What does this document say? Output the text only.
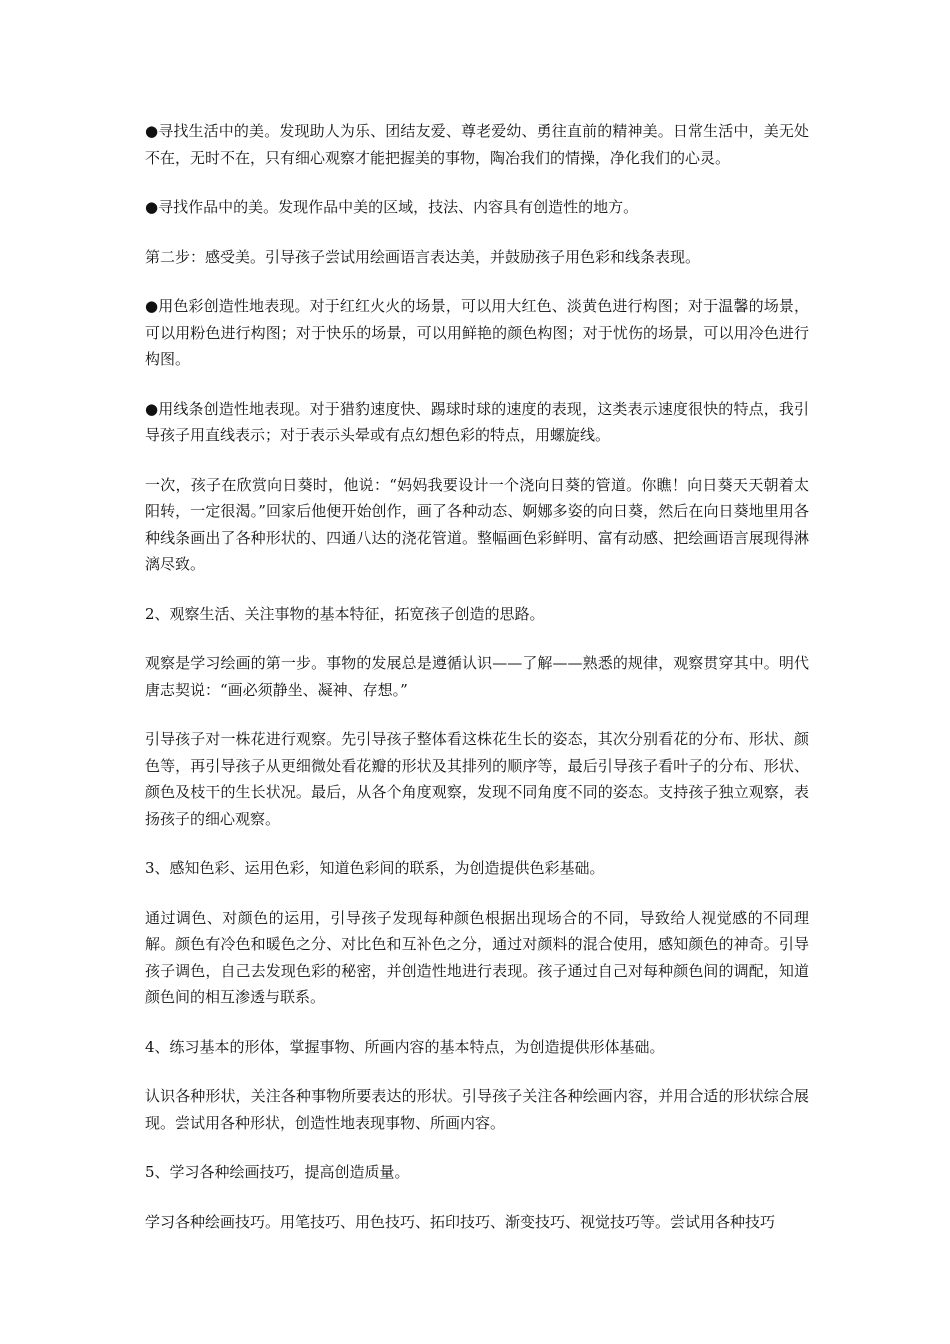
●寻找生活中的美。发现助人为乐、团结友爱、尊老爱幼、勇往直前的精神美。日常生活中，美无处不在，无时不在，只有细心观察才能把握美的事物，陶冶我们的情操，净化我们的心灵。

●寻找作品中的美。发现作品中美的区域，技法、内容具有创造性的地方。

第二步：感受美。引导孩子尝试用绘画语言表达美，并鼓励孩子用色彩和线条表现。

●用色彩创造性地表现。对于红红火火的场景，可以用大红色、淡黄色进行构图；对于温馨的场景，可以用粉色进行构图；对于快乐的场景，可以用鲜艳的颜色构图；对于忧伤的场景，可以用冷色进行构图。

●用线条创造性地表现。对于猎豹速度快、踢球时球的速度的表现，这类表示速度很快的特点，我引导孩子用直线表示；对于表示头晕或有点幻想色彩的特点，用螺旋线。

一次，孩子在欣赏向日葵时，他说：“妈妈我要设计一个浇向日葵的管道。你瞧！向日葵天天朝着太阳转，一定很渴。”回家后他便开始创作，画了各种动态、婀娜多姿的向日葵，然后在向日葵地里用各种线条画出了各种形状的、四通八达的浇花管道。整幅画色彩鲜明、富有动感、把绘画语言展现得淋漓尽致。

2、观察生活、关注事物的基本特征，拓宽孩子创造的思路。

观察是学习绘画的第一步。事物的发展总是遵循认识——了解——熟悉的规律，观察贯穿其中。明代唐志契说：“画必须静坐、凝神、存想。”

引导孩子对一株花进行观察。先引导孩子整体看这株花生长的姿态，其次分别看花的分布、形状、颜色等，再引导孩子从更细微处看花瓣的形状及其排列的顺序等，最后引导孩子看叶子的分布、形状、颜色及枝干的生长状况。最后，从各个角度观察，发现不同角度不同的姿态。支持孩子独立观察，表扬孩子的细心观察。

3、感知色彩、运用色彩，知道色彩间的联系，为创造提供色彩基础。

通过调色、对颜色的运用，引导孩子发现每种颜色根据出现场合的不同，导致给人视觉感的不同理解。颜色有冷色和暖色之分、对比色和互补色之分，通过对颜料的混合使用，感知颜色的神奇。引导孩子调色，自己去发现色彩的秘密，并创造性地进行表现。孩子通过自己对每种颜色间的调配，知道颜色间的相互渗透与联系。

4、练习基本的形体，掌握事物、所画内容的基本特点，为创造提供形体基础。

认识各种形状，关注各种事物所要表达的形状。引导孩子关注各种绘画内容，并用合适的形状综合展现。尝试用各种形状，创造性地表现事物、所画内容。

5、学习各种绘画技巧，提高创造质量。

学习各种绘画技巧。用笔技巧、用色技巧、拓印技巧、渐变技巧、视觉技巧等。尝试用各种技巧
